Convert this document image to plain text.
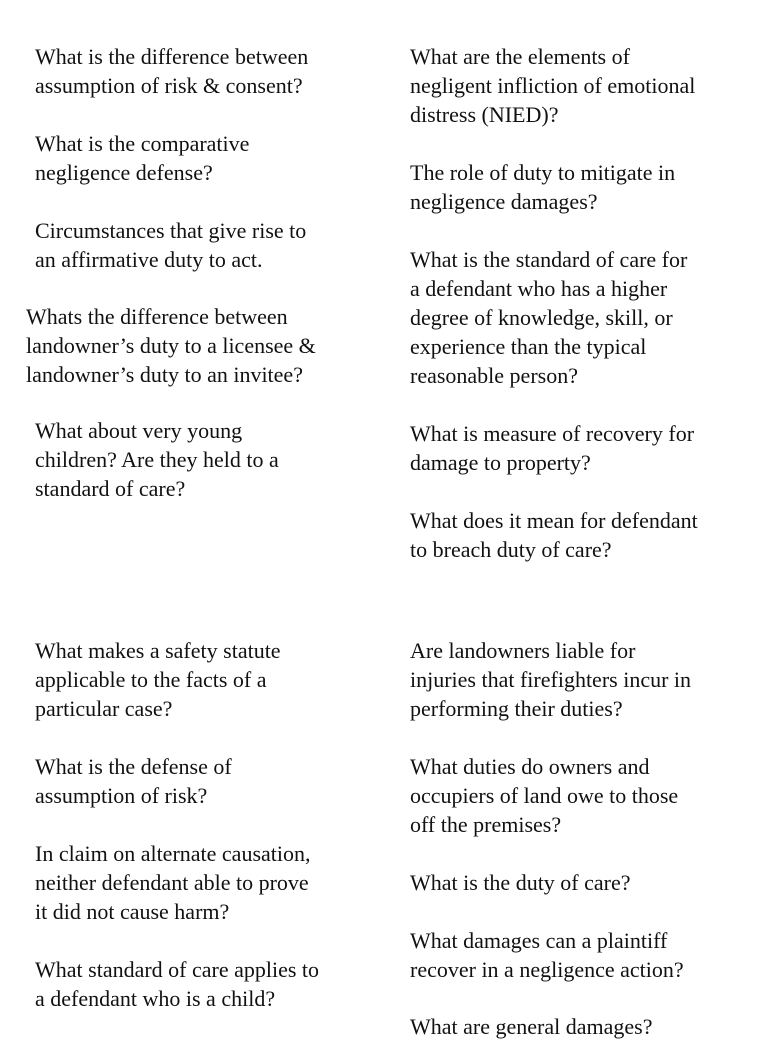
What is the difference between
assumption of risk & consent?
What is the comparative
negligence defense?
Circumstances that give rise to
an affirmative duty to act.
Whats the difference between
landowner’s duty to a licensee &
landowner’s duty to an invitee?
What about very young
children? Are they held to a
standard of care?
What are the elements of
negligent infliction of emotional
distress (NIED)?
The role of duty to mitigate in
negligence damages?
What is the standard of care for
a defendant who has a higher
degree of knowledge, skill, or
experience than the typical
reasonable person?
What is measure of recovery for
damage to property?
What does it mean for defendant
to breach duty of care?
What makes a safety statute
applicable to the facts of a
particular case?
What is the defense of
assumption of risk?
In claim on alternate causation,
neither defendant able to prove
it did not cause harm?
What standard of care applies to
a defendant who is a child?
Are landowners liable for
injuries that firefighters incur in
performing their duties?
What duties do owners and
occupiers of land owe to those
off the premises?
What is the duty of care?
What damages can a plaintiff
recover in a negligence action?
What are general damages?
